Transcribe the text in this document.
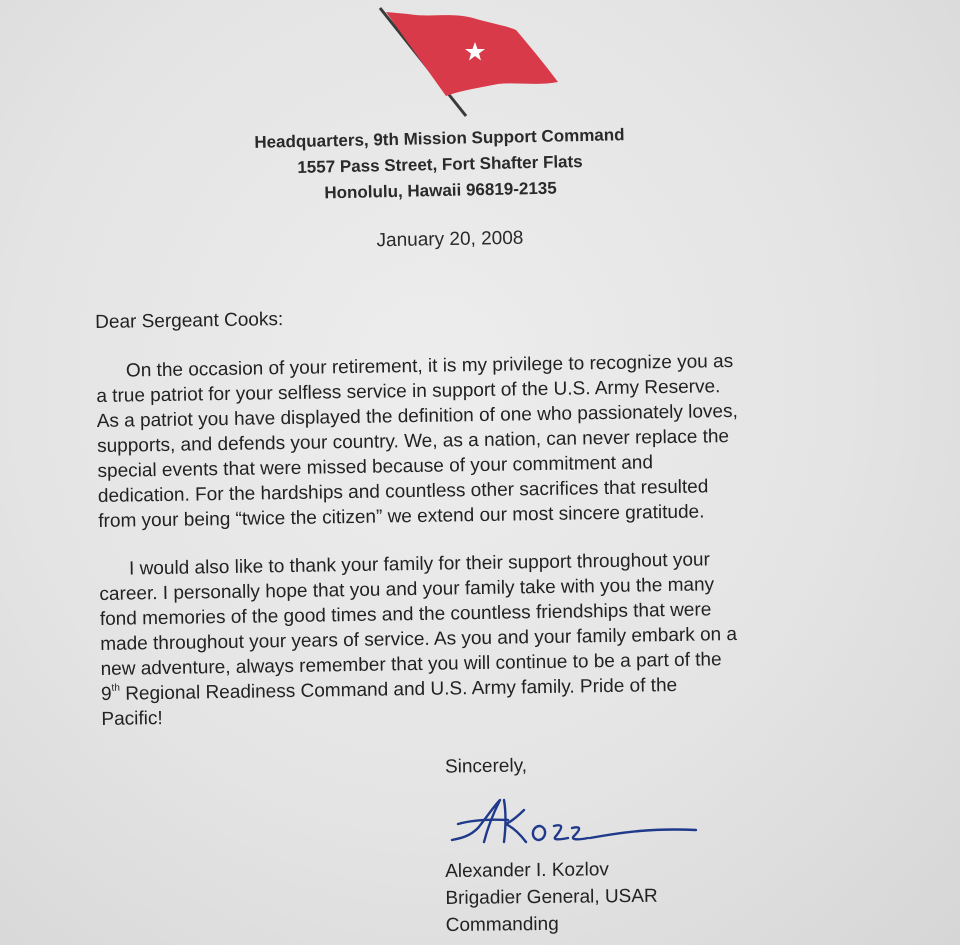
Headquarters, 9th Mission Support Command
1557 Pass Street, Fort Shafter Flats
Honolulu, Hawaii 96819-2135
January 20, 2008
Dear Sergeant Cooks:
On the occasion of your retirement, it is my privilege to recognize you as
a true patriot for your selfless service in support of the U.S. Army Reserve.
As a patriot you have displayed the definition of one who passionately loves,
supports, and defends your country. We, as a nation, can never replace the
special events that were missed because of your commitment and
dedication. For the hardships and countless other sacrifices that resulted
from your being “twice the citizen” we extend our most sincere gratitude.
I would also like to thank your family for their support throughout your
career. I personally hope that you and your family take with you the many
fond memories of the good times and the countless friendships that were
made throughout your years of service. As you and your family embark on a
new adventure, always remember that you will continue to be a part of the
9th Regional Readiness Command and U.S. Army family. Pride of the
Pacific!
Sincerely,
Alexander I. Kozlov
Brigadier General, USAR
Commanding
